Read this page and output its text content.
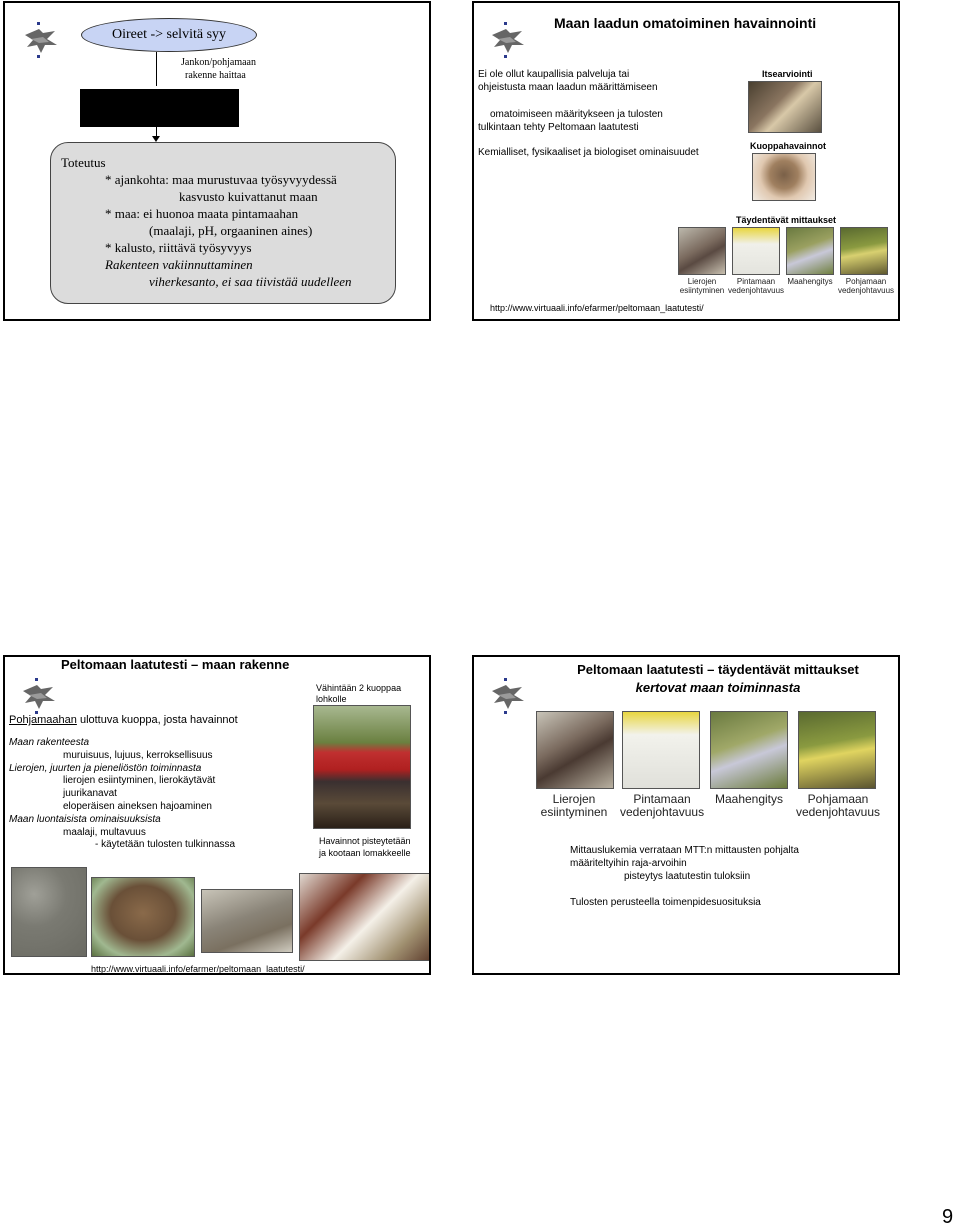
Oireet -> selvitä syy
Jankon/pohjamaan
rakenne haittaa
Toteutus
* ajankohta: maa murustuvaa työsyvyydessä
kasvusto kuivattanut maan
* maa: ei huonoa maata pintamaahan
(maalaji, pH, orgaaninen aines)
* kalusto, riittävä työsyvyys
Rakenteen vakiinnuttaminen
viherkesanto, ei saa tiivistää uudelleen
Maan laadun omatoiminen havainnointi
Ei ole ollut kaupallisia palveluja tai
ohjeistusta maan laadun määrittämiseen
omatoimiseen määritykseen ja tulosten
tulkintaan tehty Peltomaan laatutesti
Kemialliset, fysikaaliset ja biologiset ominaisuudet
Itsearviointi
Kuoppahavainnot
Täydentävät mittaukset
Lierojen esiintyminen
Pintamaan vedenjohtavuus
Maahengitys	Pohjamaan vedenjohtavuus
http://www.virtuaali.info/efarmer/peltomaan_laatutesti/
Peltomaan laatutesti – maan rakenne
Vähintään 2 kuoppaa
lohkolle
Pohjamaahan ulottuva kuoppa, josta havainnot
Maan rakenteesta
muruisuus, lujuus, kerroksellisuus
Lierojen, juurten ja pieneliöstön toiminnasta
lierojen esiintyminen, lierokäytävät
juurikanavat
eloperäisen aineksen hajoaminen
Maan luontaisista ominaisuuksista
maalaji, multavuus
- käytetään tulosten tulkinnassa	Havainnot pisteytetään
ja kootaan lomakkeelle
http://www.virtuaali.info/efarmer/peltomaan_laatutesti/
Peltomaan laatutesti – täydentävät mittaukset
kertovat maan toiminnasta
Lierojen esiintyminen
Pintamaan vedenjohtavuus
Maahengitys	Pohjamaan vedenjohtavuus
Mittauslukemia verrataan MTT:n mittausten pohjalta
määriteltyihin raja-arvoihin
pisteytys laatutestin tuloksiin
Tulosten perusteella toimenpidesuosituksia
9
